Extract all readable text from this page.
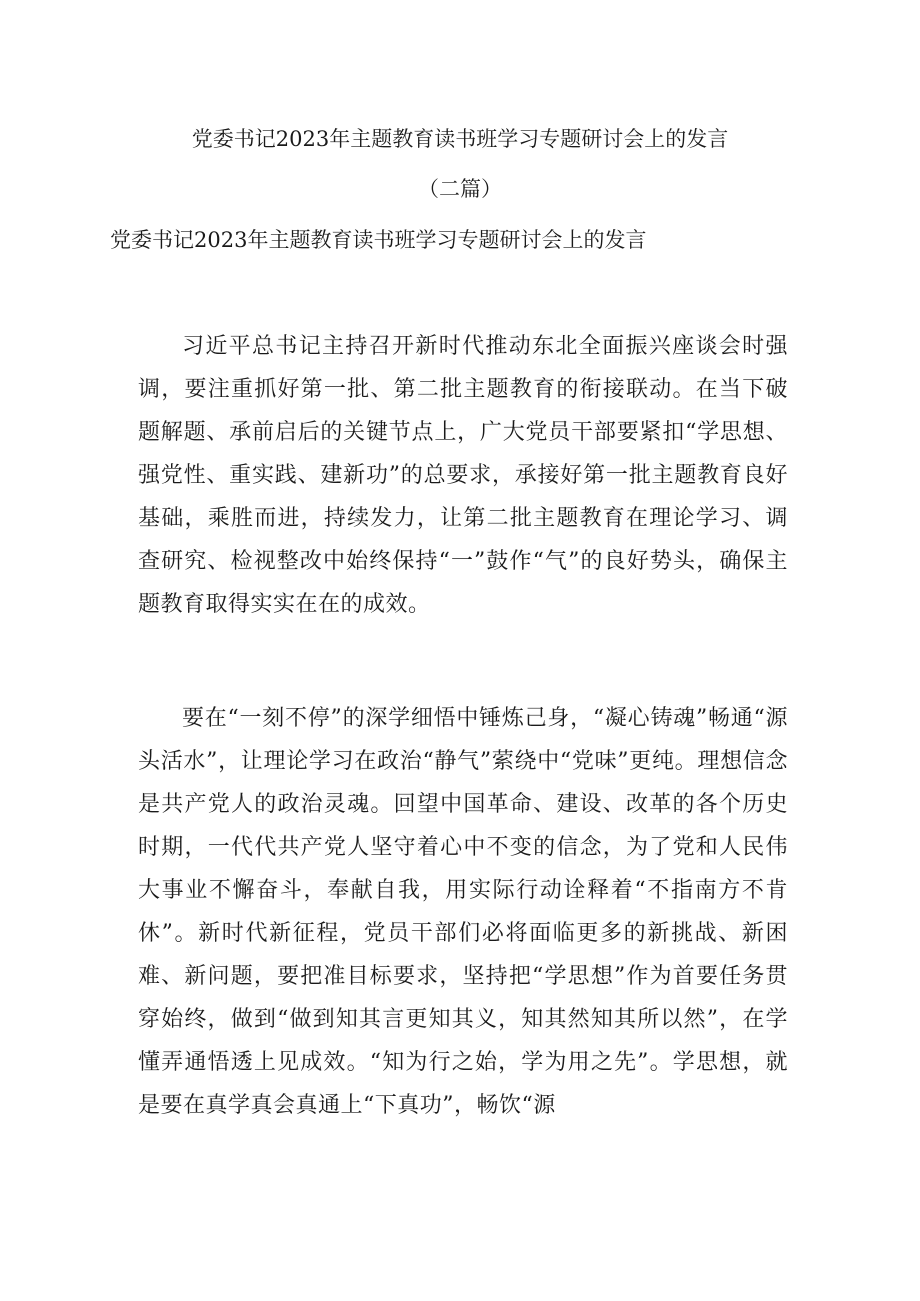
党委书记2023年主题教育读书班学习专题研讨会上的发言
（二篇）
党委书记2023年主题教育读书班学习专题研讨会上的发言

习近平总书记主持召开新时代推动东北全面振兴座谈会时强调，要注重抓好第一批、第二批主题教育的衔接联动。在当下破题解题、承前启后的关键节点上，广大党员干部要紧扣“学思想、强党性、重实践、建新功”的总要求，承接好第一批主题教育良好基础，乘胜而进，持续发力，让第二批主题教育在理论学习、调查研究、检视整改中始终保持“一”鼓作“气”的良好势头，确保主题教育取得实实在在的成效。

要在“一刻不停”的深学细悟中锤炼己身，“凝心铸魂”畅通“源头活水”，让理论学习在政治“静气”萦绕中“党味”更纯。理想信念是共产党人的政治灵魂。回望中国革命、建设、改革的各个历史时期，一代代共产党人坚守着心中不变的信念，为了党和人民伟大事业不懈奋斗，奉献自我，用实际行动诠释着“不指南方不肯休”。新时代新征程，党员干部们必将面临更多的新挑战、新困难、新问题，要把准目标要求，坚持把“学思想”作为首要任务贯穿始终，做到“做到知其言更知其义，知其然知其所以然”，在学懂弄通悟透上见成效。“知为行之始，学为用之先”。学思想，就是要在真学真会真通上“下真功”，畅饮“源
